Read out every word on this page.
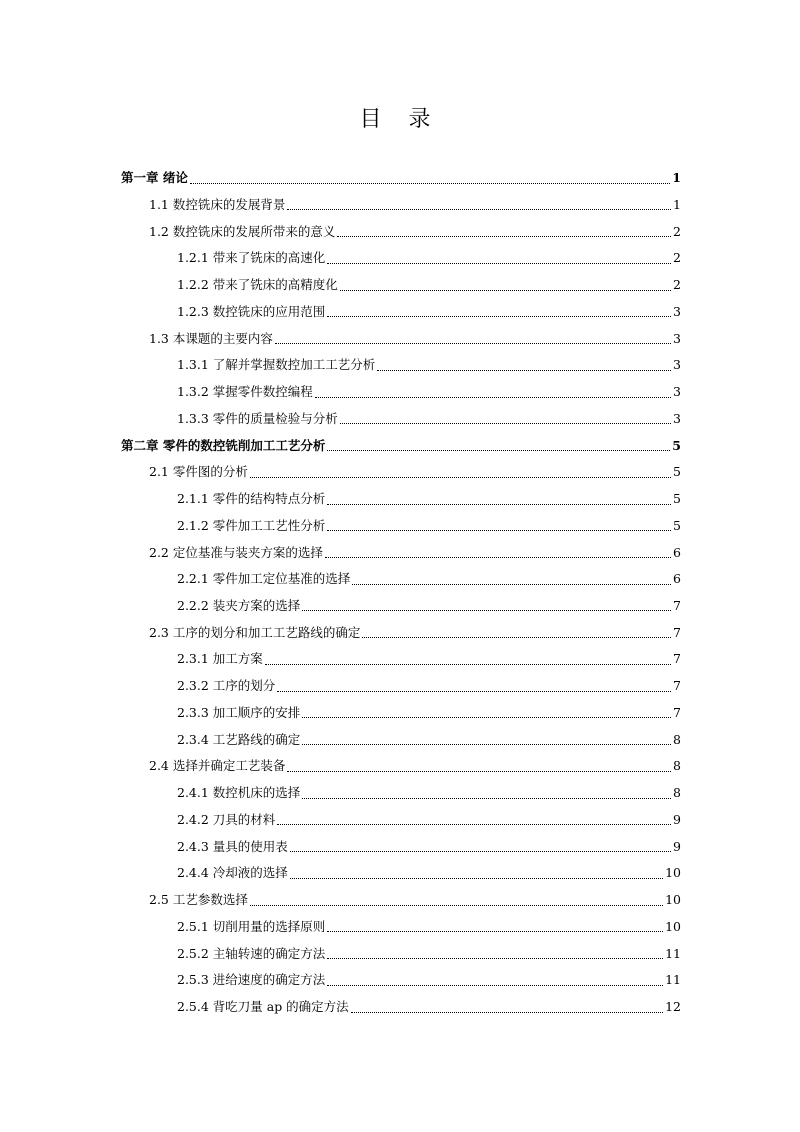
目 录
第一章 绪论	1
1.1 数控铣床的发展背景	1
1.2 数控铣床的发展所带来的意义	2
1.2.1 带来了铣床的高速化	2
1.2.2 带来了铣床的高精度化	2
1.2.3 数控铣床的应用范围	3
1.3 本课题的主要内容	3
1.3.1 了解并掌握数控加工工艺分析	3
1.3.2 掌握零件数控编程	3
1.3.3 零件的质量检验与分析	3
第二章 零件的数控铣削加工工艺分析	5
2.1 零件图的分析	5
2.1.1 零件的结构特点分析	5
2.1.2 零件加工工艺性分析	5
2.2 定位基准与装夹方案的选择	6
2.2.1 零件加工定位基准的选择	6
2.2.2 装夹方案的选择	7
2.3 工序的划分和加工工艺路线的确定	7
2.3.1 加工方案	7
2.3.2 工序的划分	7
2.3.3 加工顺序的安排	7
2.3.4 工艺路线的确定	8
2.4 选择并确定工艺装备	8
2.4.1 数控机床的选择	8
2.4.2 刀具的材料	9
2.4.3 量具的使用表	9
2.4.4 冷却液的选择	10
2.5 工艺参数选择	10
2.5.1 切削用量的选择原则	10
2.5.2 主轴转速的确定方法	11
2.5.3 进给速度的确定方法	11
2.5.4 背吃刀量 ap 的确定方法	12
